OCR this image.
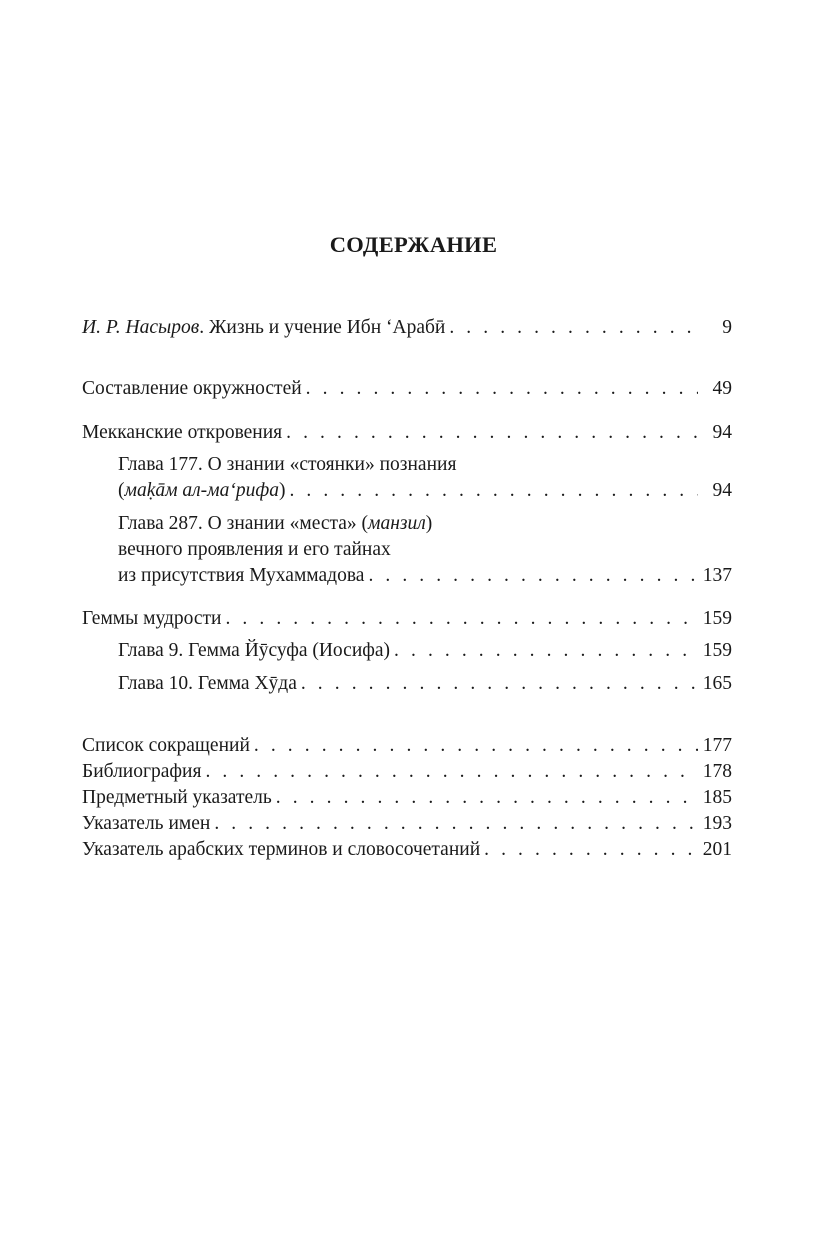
СОДЕРЖАНИЕ
И. Р. Насыров. Жизнь и учение Ибн ‘Арабӣ . . .	9
Составление окружностей . . .	49
Мекканские откровения . . .	94
Глава 177. О знании «стоянки» познания
(маḳāм ал-ма‘рифа) . . .	94
Глава 287. О знании «места» (манзил)
вечного проявления и его тайнах
из присутствия Мухаммадова . . .	137
Геммы мудрости . . .	159
Глава 9. Гемма Йӯсуфа (Иосифа) . . .	159
Глава 10. Гемма Хӯда . . .	165
Список сокращений . . .	177
Библиография . . .	178
Предметный указатель . . .	185
Указатель имен . . .	193
Указатель арабских терминов и словосочетаний . . .	201
